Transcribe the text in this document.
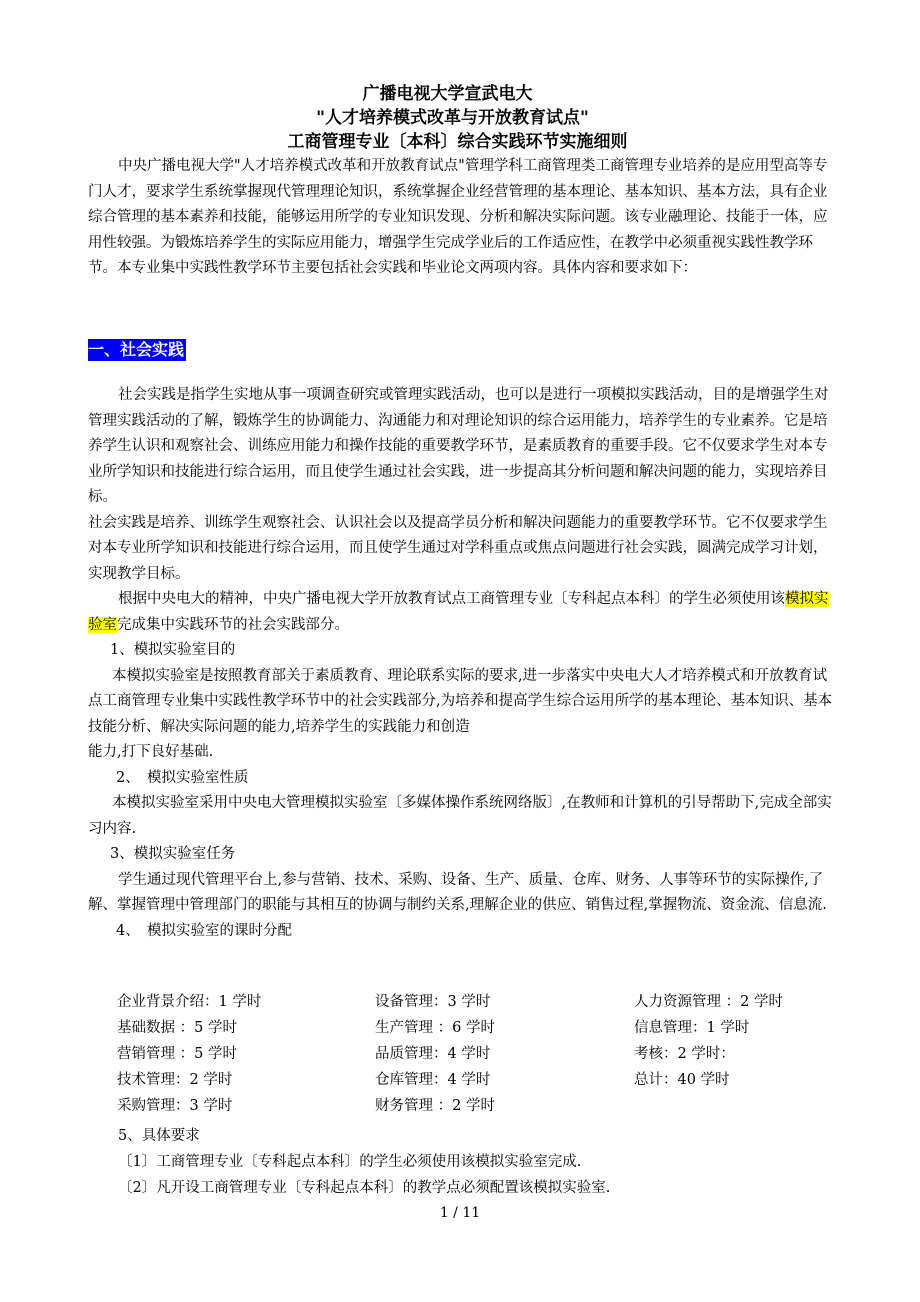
广播电视大学宣武电大
"人才培养模式改革与开放教育试点"
工商管理专业〔本科〕综合实践环节实施细则
中央广播电视大学"人才培养模式改革和开放教育试点"管理学科工商管理类工商管理专业培养的是应用型高等专门人才，要求学生系统掌握现代管理理论知识，系统掌握企业经营管理的基本理论、基本知识、基本方法，具有企业综合管理的基本素养和技能，能够运用所学的专业知识发现、分析和解决实际问题。该专业融理论、技能于一体，应用性较强。为锻炼培养学生的实际应用能力，增强学生完成学业后的工作适应性，在教学中必须重视实践性教学环节。本专业集中实践性教学环节主要包括社会实践和毕业论文两项内容。具体内容和要求如下：
一、社会实践

社会实践是指学生实地从事一项调查研究或管理实践活动，也可以是进行一项模拟实践活动，目的是增强学生对管理实践活动的了解，锻炼学生的协调能力、沟通能力和对理论知识的综合运用能力，培养学生的专业素养。它是培养学生认识和观察社会、训练应用能力和操作技能的重要教学环节，是素质教育的重要手段。它不仅要求学生对本专业所学知识和技能进行综合运用，而且使学生通过社会实践，进一步提高其分析问题和解决问题的能力，实现培养目标。

社会实践是培养、训练学生观察社会、认识社会以及提高学员分析和解决问题能力的重要教学环节。它不仅要求学生对本专业所学知识和技能进行综合运用，而且使学生通过对学科重点或焦点问题进行社会实践，圆满完成学习计划，实现教学目标。

根据中央电大的精神，中央广播电视大学开放教育试点工商管理专业〔专科起点本科〕的学生必须使用该模拟实验室完成集中实践环节的社会实践部分。

1、模拟实验室目的

本模拟实验室是按照教育部关于素质教育、理论联系实际的要求,进一步落实中央电大人才培养模式和开放教育试点工商管理专业集中实践性教学环节中的社会实践部分,为培养和提高学生综合运用所学的基本理论、基本知识、基本技能分析、解决实际问题的能力,培养学生的实践能力和创造

能力,打下良好基础.

2、　模拟实验室性质

本模拟实验室采用中央电大管理模拟实验室〔多媒体操作系统网络版〕,在教师和计算机的引导帮助下,完成全部实习内容.

3、模拟实验室任务

学生通过现代管理平台上,参与营销、技术、采购、设备、生产、质量、仓库、财务、人事等环节的实际操作,了解、掌握管理中管理部门的职能与其相互的协调与制约关系,理解企业的供应、销售过程,掌握物流、资金流、信息流.

4、　模拟实验室的课时分配

企业背景介绍：1 学时	设备管理：3 学时	人力资源管理 ：2 学时
基础数据 ：5 学时	生产管理 ：6 学时	信息管理：1 学时
营销管理 ：5 学时	品质管理：4 学时	考核：2 学时：
技术管理：2 学时	仓库管理：4 学时	总计：40 学时
采购管理：3 学时	财务管理 ：2 学时

5、具体要求

〔1〕工商管理专业〔专科起点本科〕的学生必须使用该模拟实验室完成.

〔2〕凡开设工商管理专业〔专科起点本科〕的教学点必须配置该模拟实验室.

1 / 11
